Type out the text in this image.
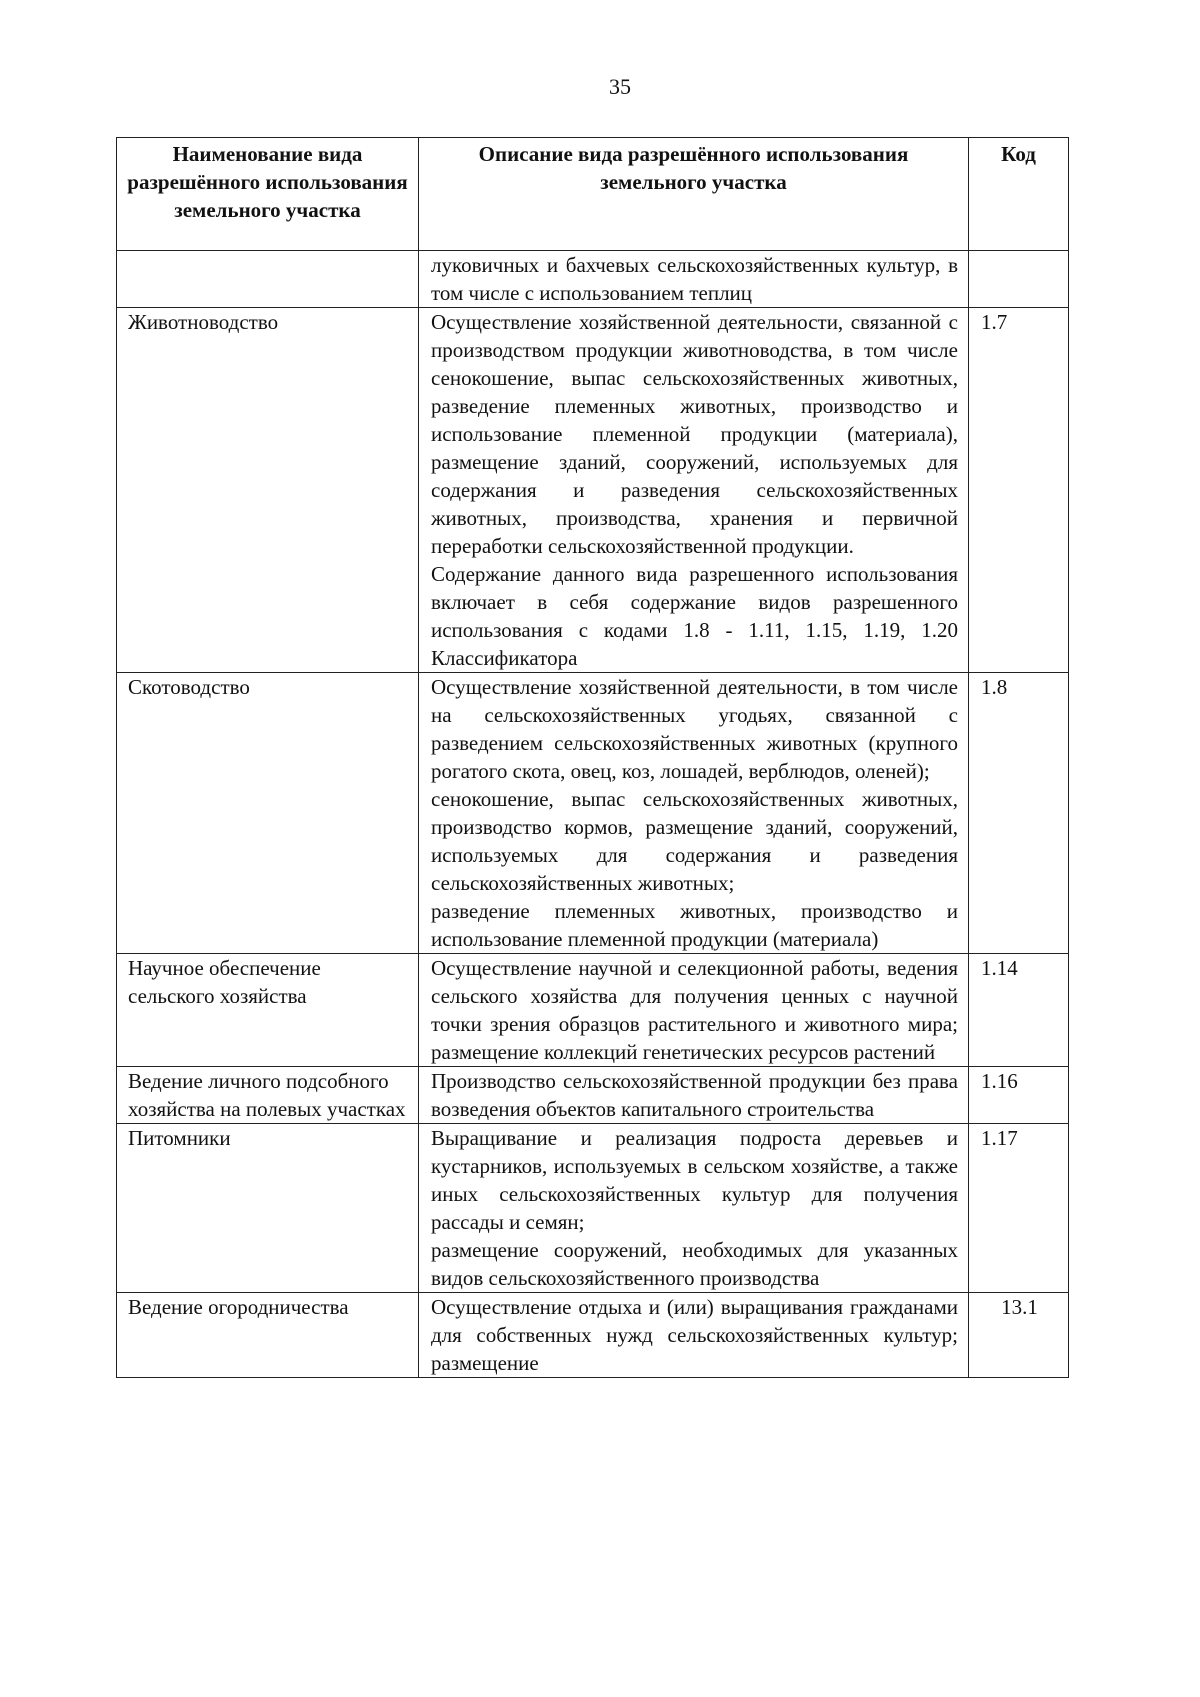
35
Наименование вида разрешённого использования земельного участка	Описание вида разрешённого использования земельного участка	Код

	луковичных и бахчевых сельскохозяйственных культур, в том числе с использованием теплиц	

Животноводство	Осуществление хозяйственной деятельности, связанной с производством продукции животноводства, в том числе сенокошение, выпас сельскохозяйственных животных, разведение племенных животных, производство и использование племенной продукции (материала), размещение зданий, сооружений, используемых для содержания и разведения сельскохозяйственных животных, производства, хранения и первичной переработки сельскохозяйственной продукции.
Содержание данного вида разрешенного использования включает в себя содержание видов разрешенного использования с кодами 1.8 - 1.11, 1.15, 1.19, 1.20 Классификатора	1.7
Скотоводство	Осуществление хозяйственной деятельности, в том числе на сельскохозяйственных угодьях, связанной с разведением сельскохозяйственных животных (крупного рогатого скота, овец, коз, лошадей, верблюдов, оленей);
сенокошение, выпас сельскохозяйственных животных, производство кормов, размещение зданий, сооружений, используемых для содержания и разведения сельскохозяйственных животных;
разведение племенных животных, производство и использование племенной продукции (материала)	1.8
Научное обеспечение сельского хозяйства	Осуществление научной и селекционной работы, ведения сельского хозяйства для получения ценных с научной точки зрения образцов растительного и животного мира; размещение коллекций генетических ресурсов растений	1.14
Ведение личного подсобного хозяйства на полевых участках	Производство сельскохозяйственной продукции без права возведения объектов капитального строительства	1.16
Питомники	Выращивание и реализация подроста деревьев и кустарников, используемых в сельском хозяйстве, а также иных сельскохозяйственных культур для получения рассады и семян;
размещение сооружений, необходимых для указанных видов сельскохозяйственного производства	1.17
Ведение огородничества	Осуществление отдыха и (или) выращивания гражданами для собственных нужд сельскохозяйственных культур; размещение	13.1
